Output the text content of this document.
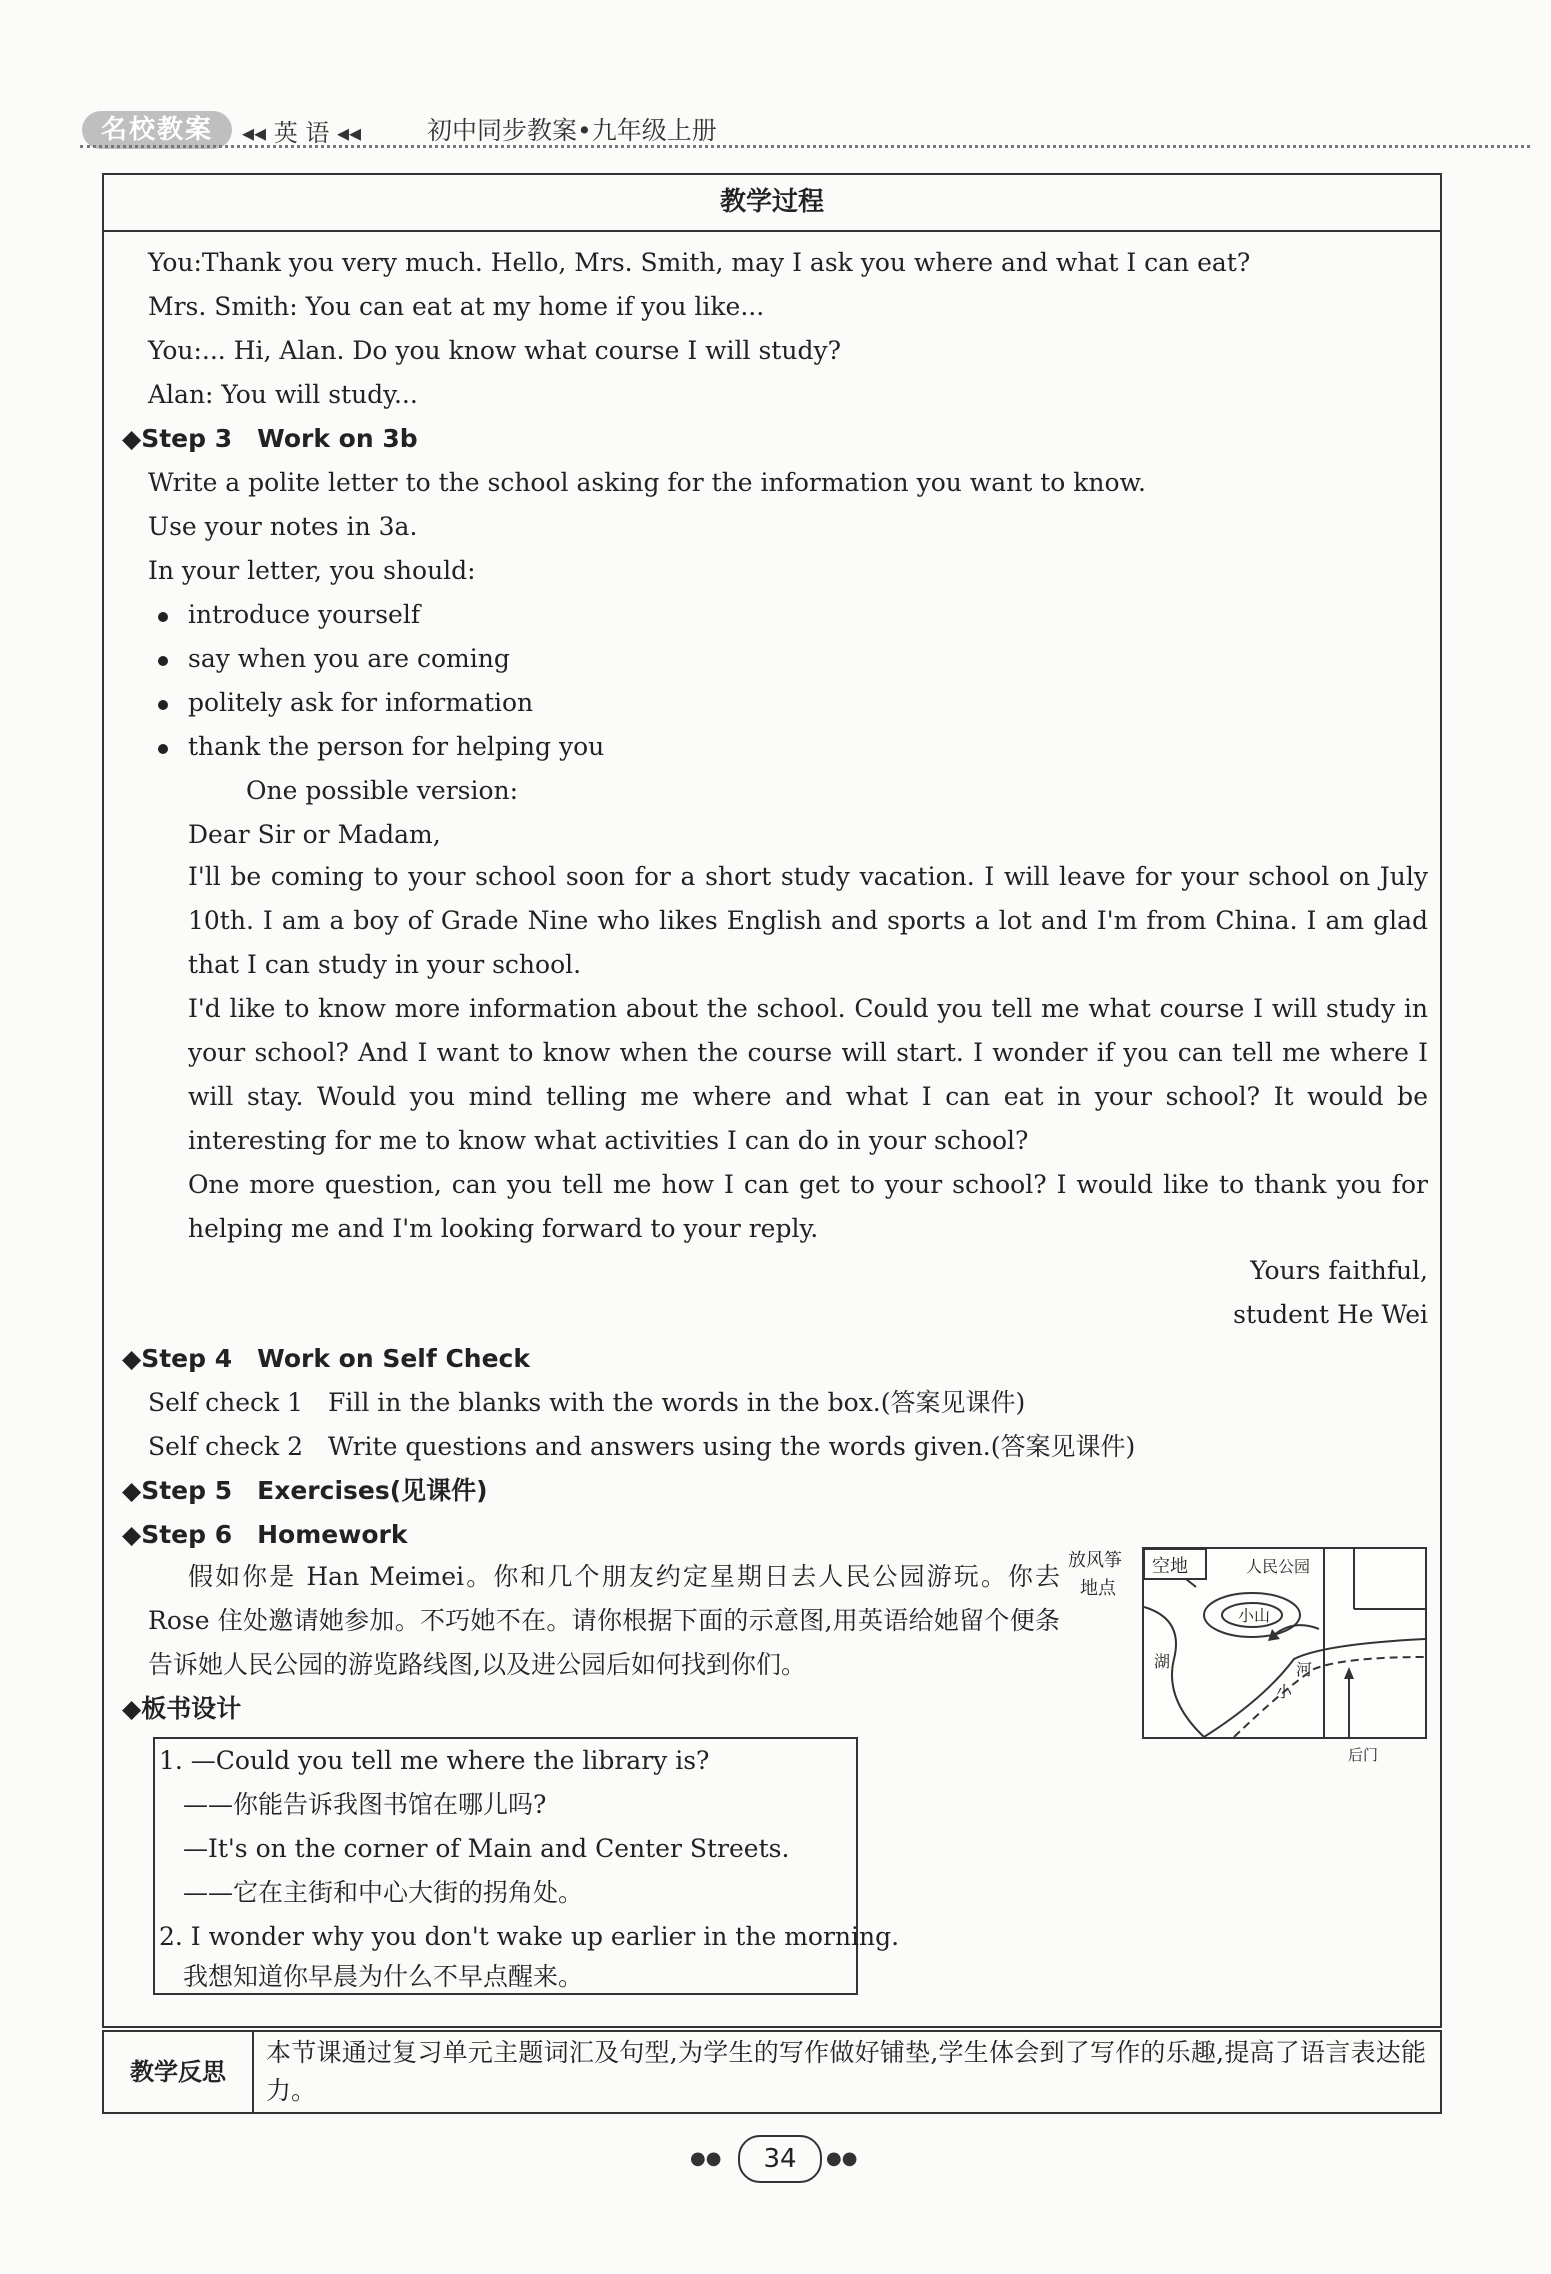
名校教案	◂◂ 英 语 ◂◂	初中同步教案•九年级上册
教学过程
You:Thank you very much. Hello, Mrs. Smith, may I ask you where and what I can eat?
Mrs. Smith: You can eat at my home if you like...
You:... Hi, Alan. Do you know what course I will study?
Alan: You will study...
◆Step 3　Work on 3b
Write a polite letter to the school asking for the information you want to know.
Use your notes in 3a.
In your letter, you should:
introduce yourself
say when you are coming
politely ask for information
thank the person for helping you
One possible version:
Dear Sir or Madam,
I'll be coming to your school soon for a short study vacation. I will leave for your school on July 10th. I am a boy of Grade Nine who likes English and sports a lot and I'm from China. I am glad that I can study in your school.
I'd like to know more information about the school. Could you tell me what course I will study in your school? And I want to know when the course will start. I wonder if you can tell me where I will stay. Would you mind telling me where and what I can eat in your school? It would be interesting for me to know what activities I can do in your school?
One more question, can you tell me how I can get to your school? I would like to thank you for helping me and I'm looking forward to your reply.
Yours faithful,
student He Wei
◆Step 4　Work on Self Check
Self check 1　Fill in the blanks with the words in the box.(答案见课件)
Self check 2　Write questions and answers using the words given.(答案见课件)
◆Step 5　Exercises(见课件)
◆Step 6　Homework
假如你是 Han Meimei。你和几个朋友约定星期日去人民公园游玩。你去 Rose 住处邀请她参加。不巧她不在。请你根据下面的示意图,用英语给她留个便条告诉她人民公园的游览路线图,以及进公园后如何找到你们。
放风筝
地点
空地	人民公园
小山
湖	河
小
后门
◆板书设计
1. —Could you tell me where the library is?
——你能告诉我图书馆在哪儿吗?
—It's on the corner of Main and Center Streets.
——它在主街和中心大街的拐角处。
2. I wonder why you don't wake up earlier in the morning.
我想知道你早晨为什么不早点醒来。
教学反思
本节课通过复习单元主题词汇及句型,为学生的写作做好铺垫,学生体会到了写作的乐趣,提高了语言表达能力。
●●	34	●●
